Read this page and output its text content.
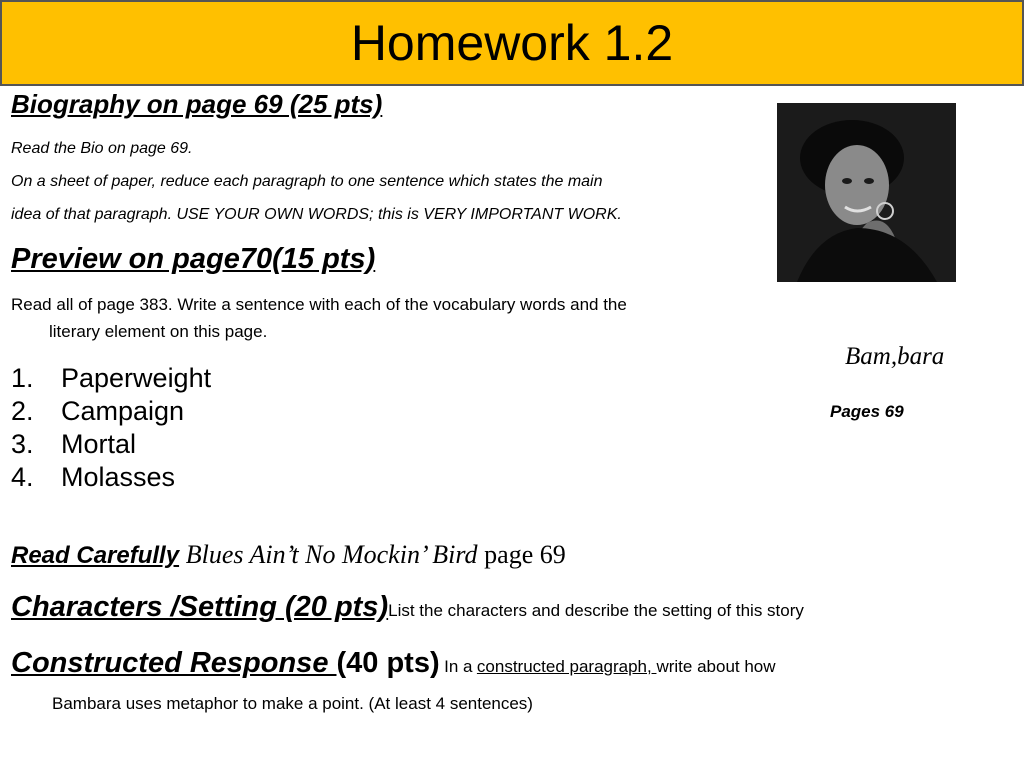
Homework 1.2
Biography on page 69 (25 pts)
Read the Bio on page 69.
On a sheet of paper, reduce each paragraph to one sentence which states the main
idea of that paragraph. USE YOUR OWN WORDS; this is VERY IMPORTANT WORK.
Preview on page70(15 pts)
Read all of page 383. Write a sentence with each of the vocabulary words and the
literary element on this page.
1.	Paperweight
2.	Campaign
3.	Mortal
4.	Molasses
Bam,bara
Pages 69
Read Carefully Blues Ain’t No Mockin’ Bird page 69
Characters /Setting (20 pts)List the characters and describe the setting of this story
Constructed Response (40 pts) In a constructed paragraph, write about how
Bambara uses metaphor to make a point. (At least 4 sentences)
